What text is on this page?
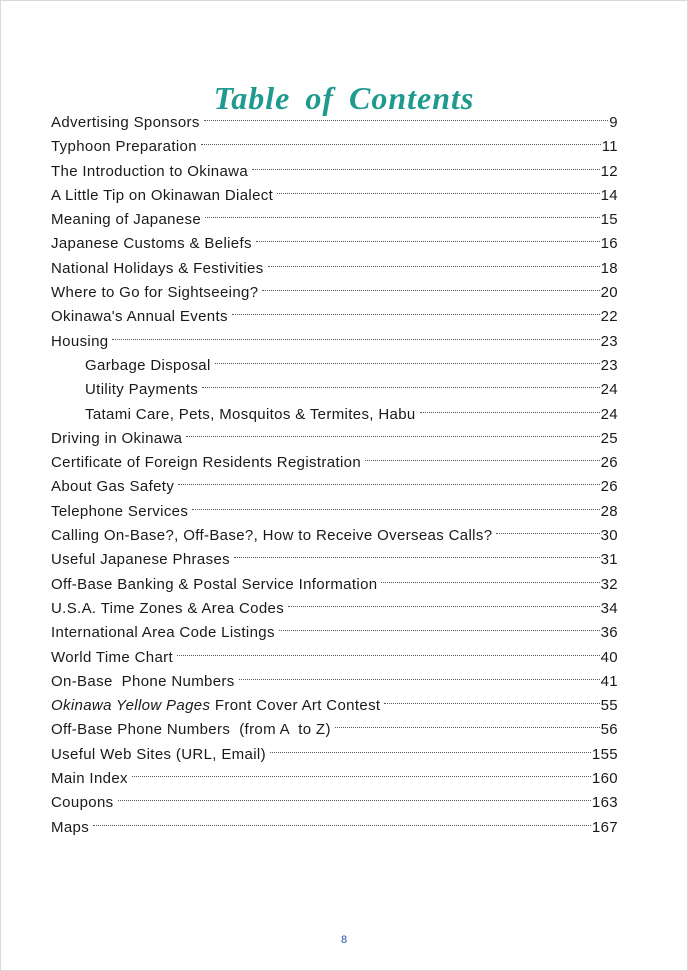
Table of Contents
Advertising Sponsors	9
Typhoon Preparation	11
The Introduction to Okinawa	12
A Little Tip on Okinawan Dialect	14
Meaning of Japanese	15
Japanese Customs & Beliefs	16
National Holidays & Festivities	18
Where to Go for Sightseeing?	20
Okinawa's Annual Events	22
Housing	23
Garbage Disposal	23
Utility Payments	24
Tatami Care, Pets, Mosquitos & Termites, Habu	24
Driving in Okinawa	25
Certificate of Foreign Residents Registration	26
About Gas Safety	26
Telephone Services	28
Calling On-Base?, Off-Base?, How to Receive Overseas Calls?	30
Useful Japanese Phrases	31
Off-Base Banking & Postal Service Information	32
U.S.A. Time Zones & Area Codes	34
International Area Code Listings	36
World Time Chart	40
On-Base  Phone Numbers	41
Okinawa Yellow Pages Front Cover Art Contest	55
Off-Base Phone Numbers  (from A  to Z)	56
Useful Web Sites (URL, Email)	155
Main Index	160
Coupons	163
Maps	167
8
